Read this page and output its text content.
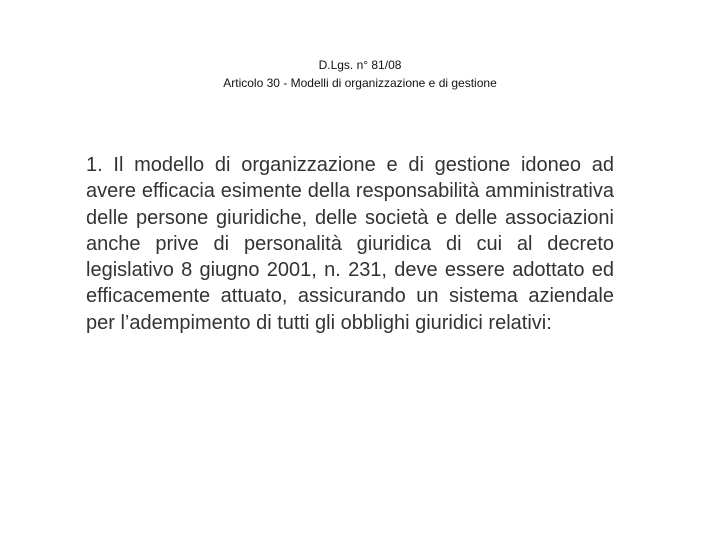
D.Lgs. n° 81/08
Articolo 30 - Modelli di organizzazione e di gestione

1. Il modello di organizzazione e di gestione idoneo ad avere efficacia esimente della responsabilità amministrativa delle persone giuridiche, delle società e delle associazioni anche prive di personalità giuridica di cui al decreto legislativo 8 giugno 2001, n. 231, deve essere adottato ed efficacemente attuato, assicurando un sistema aziendale per l’adempimento di tutti gli obblighi giuridici relativi:
